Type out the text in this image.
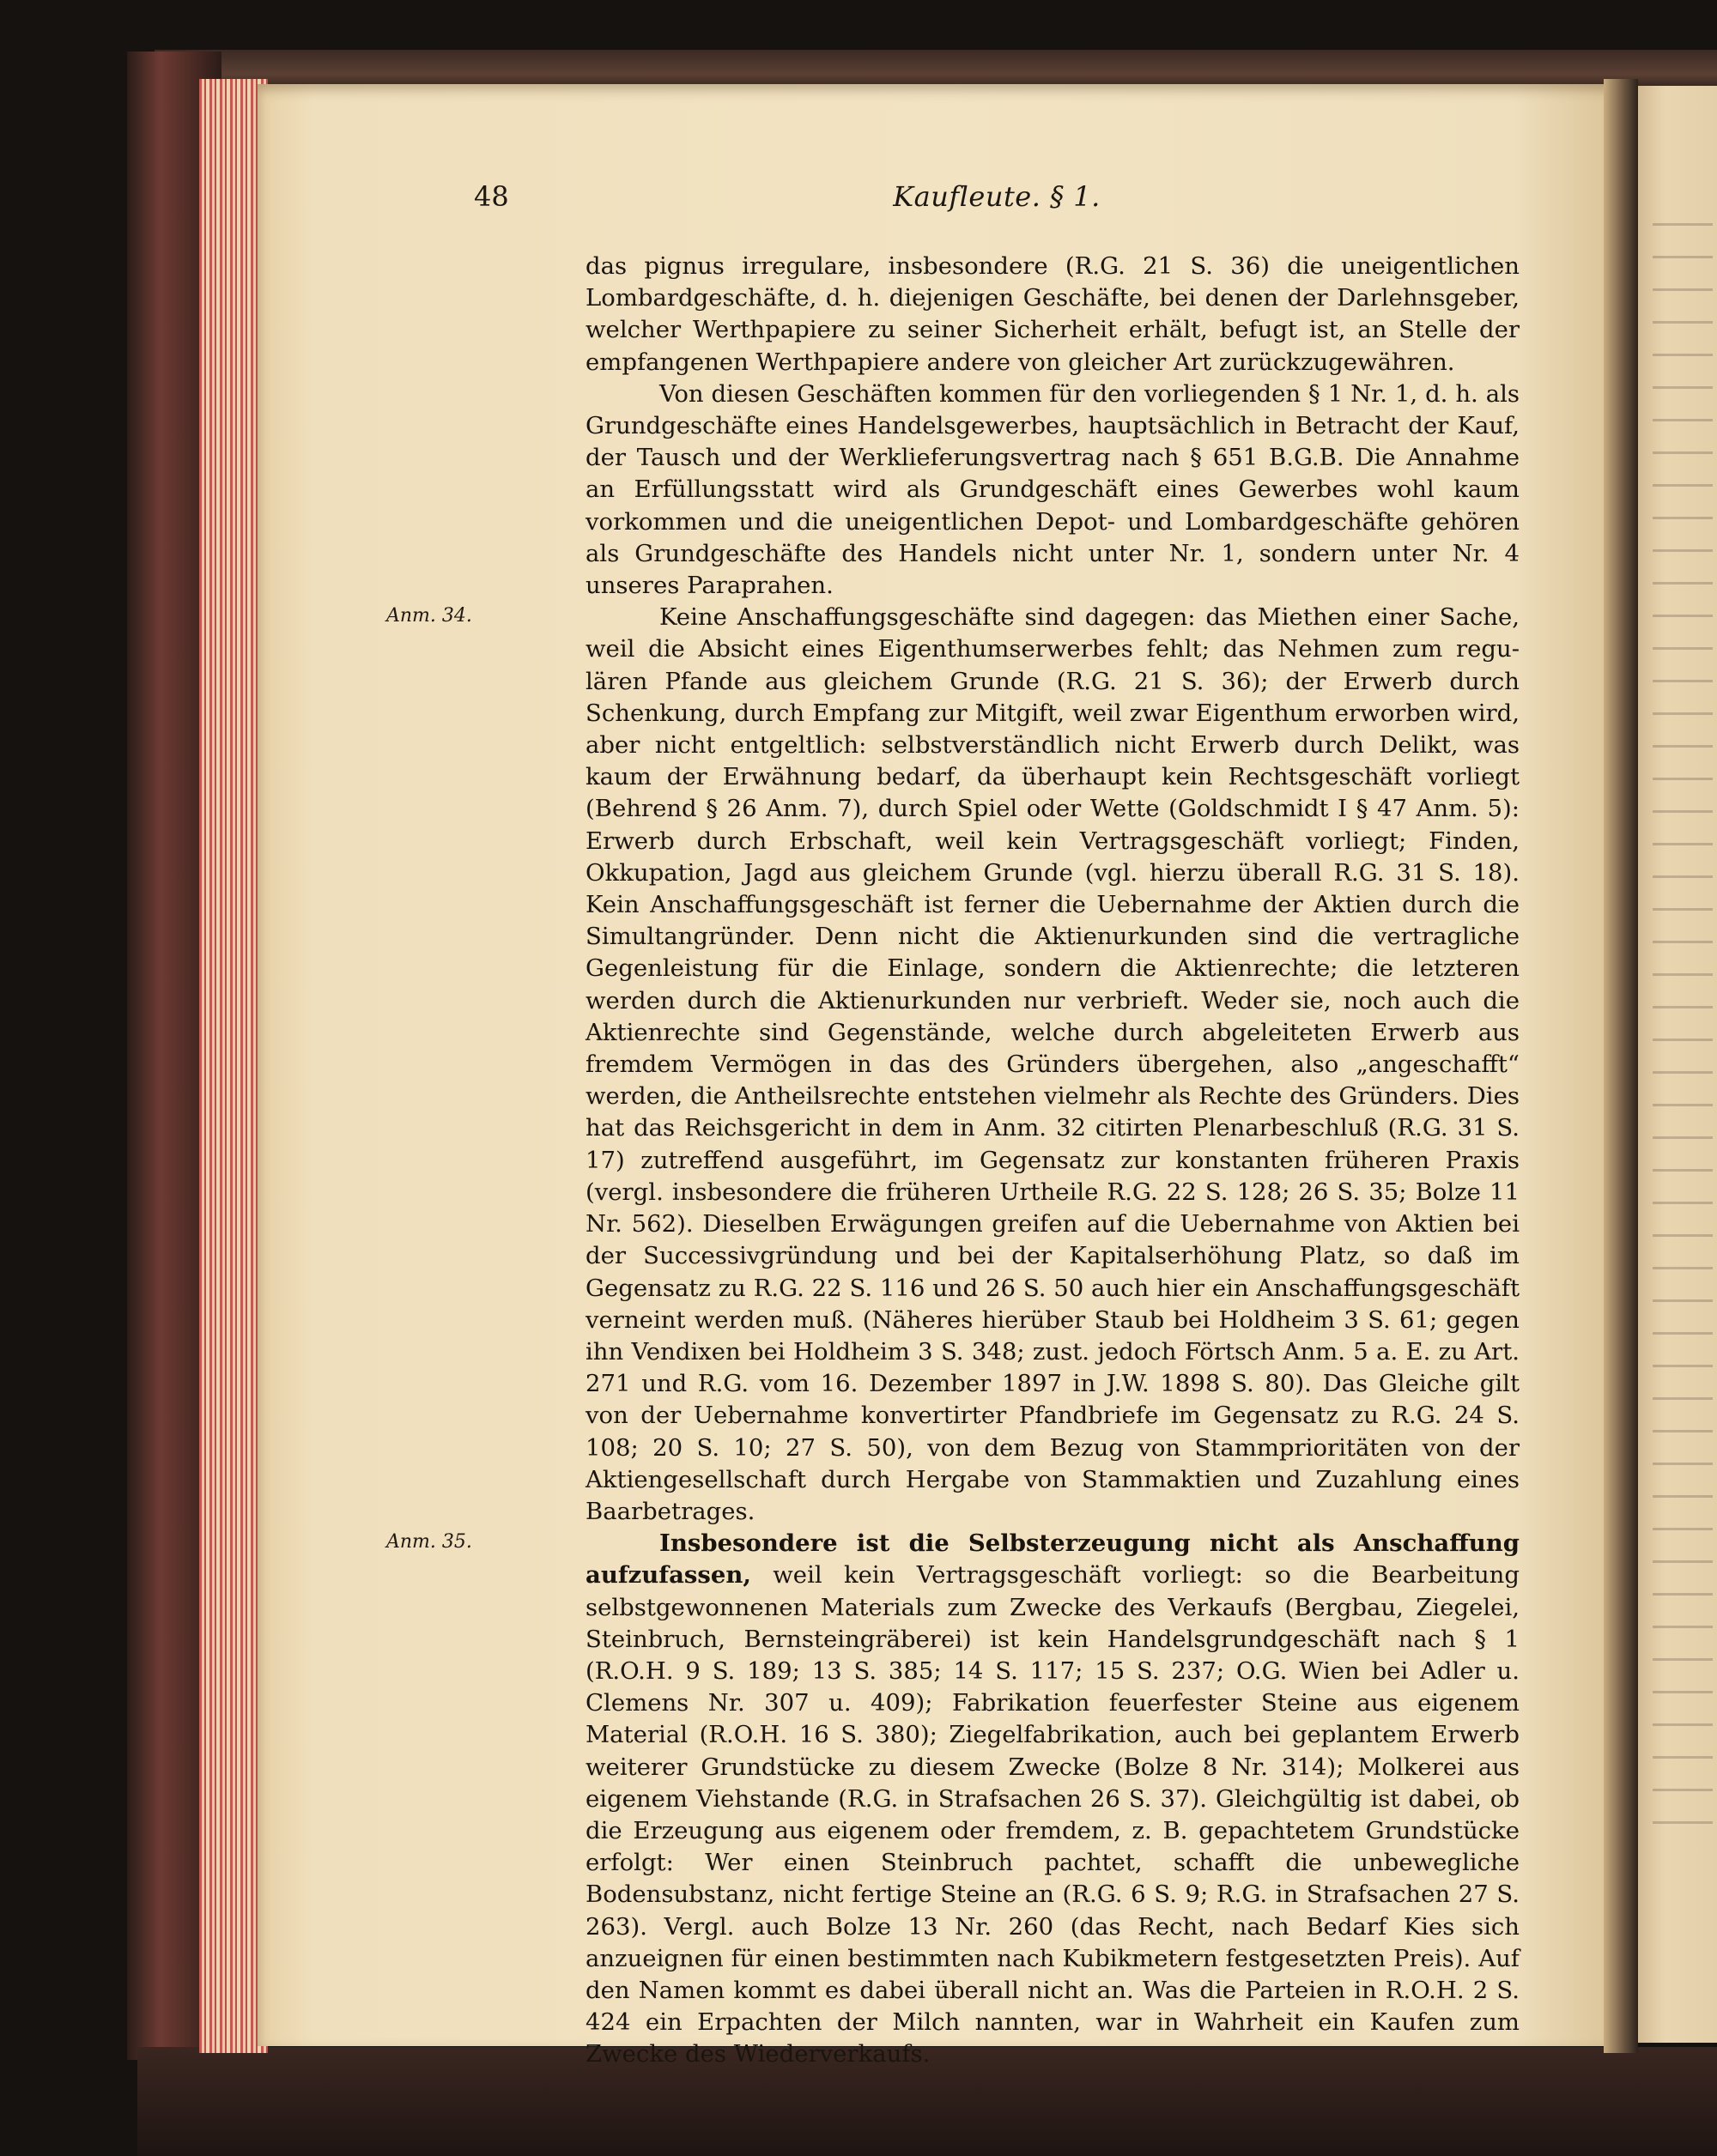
48	Kaufleute. § 1.

das pignus irregulare, insbesondere (R.G. 21 S. 36) die uneigentlichen Lombardgeschäfte, d. h. diejenigen Geschäfte, bei denen der Darlehnsgeber, welcher Werthpapiere zu seiner Sicherheit erhält, befugt ist, an Stelle der empfangenen Werthpapiere andere von gleicher Art zurückzugewähren.

Von diesen Geschäften kommen für den vorliegenden § 1 Nr. 1, d. h. als Grundgeschäfte eines Handelsgewerbes, hauptsächlich in Betracht der Kauf, der Tausch und der Werklieferungsvertrag nach § 651 B.G.B. Die Annahme an Erfüllungsstatt wird als Grundgeschäft eines Gewerbes wohl kaum vorkommen und die uneigentlichen Depot- und Lombardgeschäfte gehören als Grundgeschäfte des Handels nicht unter Nr. 1, sondern unter Nr. 4 unseres Paraprahen.

Anm. 34.	Keine Anschaffungsgeschäfte sind dagegen: das Miethen einer Sache, weil die Absicht eines Eigenthumserwerbes fehlt; das Nehmen zum regulären Pfande aus gleichem Grunde (R.G. 21 S. 36); der Erwerb durch Schenkung, durch Empfang zur Mitgift, weil zwar Eigenthum erworben wird, aber nicht entgeltlich: selbstverständlich nicht Erwerb durch Delikt, was kaum der Erwähnung bedarf, da überhaupt kein Rechtsgeschäft vorliegt (Behrend § 26 Anm. 7), durch Spiel oder Wette (Goldschmidt I § 47 Anm. 5): Erwerb durch Erbschaft, weil kein Vertragsgeschäft vorliegt; Finden, Okkupation, Jagd aus gleichem Grunde (vgl. hierzu überall R.G. 31 S. 18). Kein Anschaffungsgeschäft ist ferner die Uebernahme der Aktien durch die Simultangründer. Denn nicht die Aktienurkunden sind die vertragliche Gegenleistung für die Einlage, sondern die Aktienrechte; die letzteren werden durch die Aktienurkunden nur verbrieft. Weder sie, noch auch die Aktienrechte sind Gegenstände, welche durch abgeleiteten Erwerb aus fremdem Vermögen in das des Gründers übergehen, also „angeschafft“ werden, die Antheilsrechte entstehen vielmehr als Rechte des Gründers. Dies hat das Reichsgericht in dem in Anm. 32 citirten Plenarbeschluß (R.G. 31 S. 17) zutreffend ausgeführt, im Gegensatz zur konstanten früheren Praxis (vergl. insbesondere die früheren Urtheile R.G. 22 S. 128; 26 S. 35; Bolze 11 Nr. 562). Dieselben Erwägungen greifen auf die Uebernahme von Aktien bei der Successivgründung und bei der Kapitalserhöhung Platz, so daß im Gegensatz zu R.G. 22 S. 116 und 26 S. 50 auch hier ein Anschaffungsgeschäft verneint werden muß. (Näheres hierüber Staub bei Holdheim 3 S. 61; gegen ihn Vendixen bei Holdheim 3 S. 348; zust. jedoch Förtsch Anm. 5 a. E. zu Art. 271 und R.G. vom 16. Dezember 1897 in J.W. 1898 S. 80). Das Gleiche gilt von der Uebernahme konvertirter Pfandbriefe im Gegensatz zu R.G. 24 S. 108; 20 S. 10; 27 S. 50), von dem Bezug von Stammprioritäten von der Aktiengesellschaft durch Hergabe von Stammaktien und Zuzahlung eines Baarbetrages.

Anm. 35.	Insbesondere ist die Selbsterzeugung nicht als Anschaffung aufzufassen, weil kein Vertragsgeschäft vorliegt: so die Bearbeitung selbstgewonnenen Materials zum Zwecke des Verkaufs (Bergbau, Ziegelei, Steinbruch, Bernsteingräberei) ist kein Handelsgrundgeschäft nach § 1 (R.O.H. 9 S. 189; 13 S. 385; 14 S. 117; 15 S. 237; O.G. Wien bei Adler u. Clemens Nr. 307 u. 409); Fabrikation feuerfester Steine aus eigenem Material (R.O.H. 16 S. 380); Ziegelfabrikation, auch bei geplantem Erwerb weiterer Grundstücke zu diesem Zwecke (Bolze 8 Nr. 314); Molkerei aus eigenem Viehstande (R.G. in Strafsachen 26 S. 37). Gleichgültig ist dabei, ob die Erzeugung aus eigenem oder fremdem, z. B. gepachtetem Grundstücke erfolgt: Wer einen Steinbruch pachtet, schafft die unbewegliche Bodensubstanz, nicht fertige Steine an (R.G. 6 S. 9; R.G. in Strafsachen 27 S. 263). Vergl. auch Bolze 13 Nr. 260 (das Recht, nach Bedarf Kies sich anzueignen für einen bestimmten nach Kubikmetern festgesetzten Preis). Auf den Namen kommt es dabei überall nicht an. Was die Parteien in R.O.H. 2 S. 424 ein Erpachten der Milch nannten, war in Wahrheit ein Kaufen zum Zwecke des Wiederverkaufs.
